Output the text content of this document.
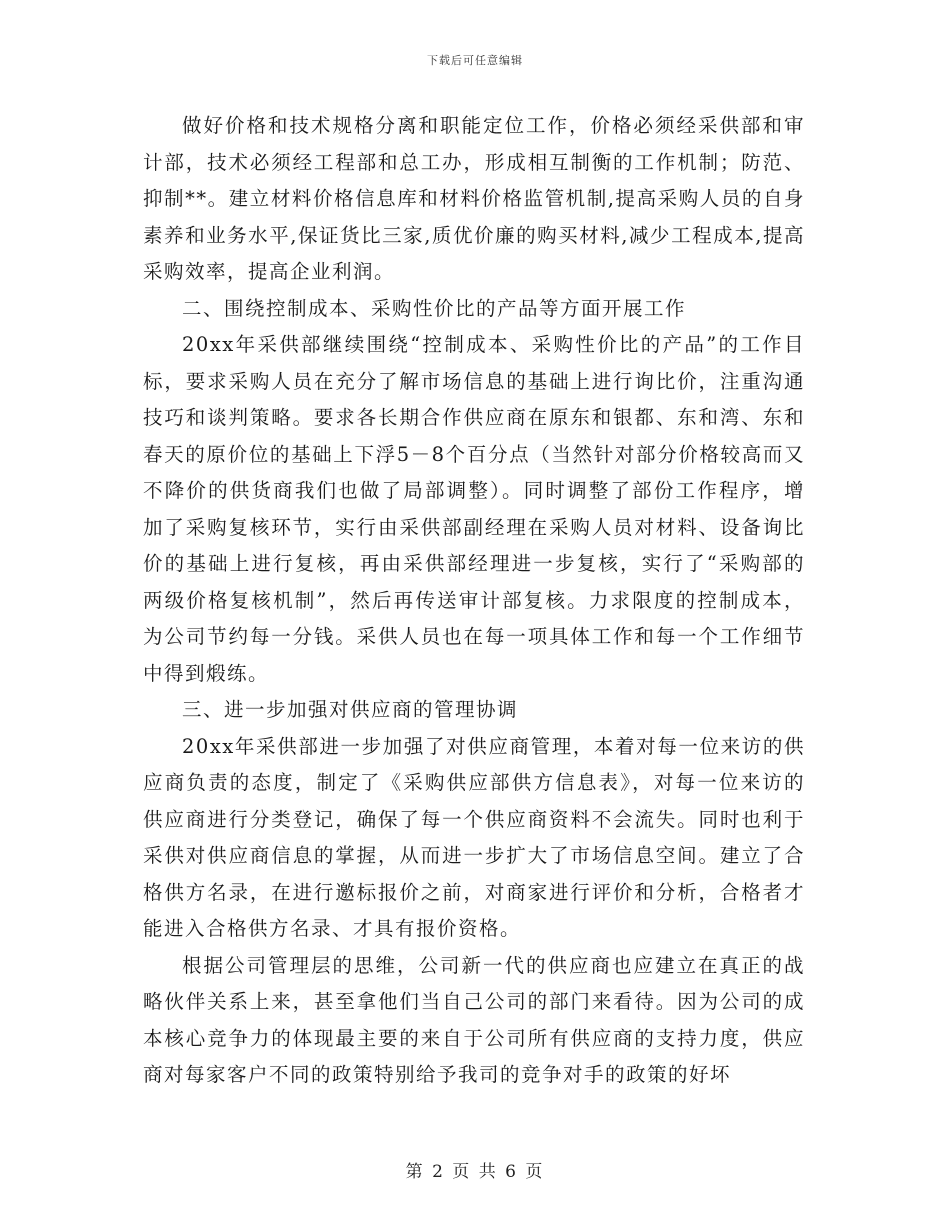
下载后可任意编辑

做好价格和技术规格分离和职能定位工作，价格必须经采供部和审计部，技术必须经工程部和总工办，形成相互制衡的工作机制；防范、抑制**。建立材料价格信息库和材料价格监管机制,提高采购人员的自身素养和业务水平,保证货比三家,质优价廉的购买材料,减少工程成本,提高采购效率，提高企业利润。

二、围绕控制成本、采购性价比的产品等方面开展工作

20xx年采供部继续围绕“控制成本、采购性价比的产品”的工作目标，要求采购人员在充分了解市场信息的基础上进行询比价，注重沟通技巧和谈判策略。要求各长期合作供应商在原东和银都、东和湾、东和春天的原价位的基础上下浮5－8个百分点（当然针对部分价格较高而又不降价的供货商我们也做了局部调整）。同时调整了部份工作程序，增加了采购复核环节，实行由采供部副经理在采购人员对材料、设备询比价的基础上进行复核，再由采供部经理进一步复核，实行了“采购部的两级价格复核机制”，然后再传送审计部复核。力求限度的控制成本，为公司节约每一分钱。采供人员也在每一项具体工作和每一个工作细节中得到煅练。

三、进一步加强对供应商的管理协调

20xx年采供部进一步加强了对供应商管理，本着对每一位来访的供应商负责的态度，制定了《采购供应部供方信息表》，对每一位来访的供应商进行分类登记，确保了每一个供应商资料不会流失。同时也利于采供对供应商信息的掌握，从而进一步扩大了市场信息空间。建立了合格供方名录，在进行邀标报价之前，对商家进行评价和分析，合格者才能进入合格供方名录、才具有报价资格。

根据公司管理层的思维，公司新一代的供应商也应建立在真正的战略伙伴关系上来，甚至拿他们当自己公司的部门来看待。因为公司的成本核心竞争力的体现最主要的来自于公司所有供应商的支持力度，供应商对每家客户不同的政策特别给予我司的竞争对手的政策的好坏

第 2 页 共 6 页
